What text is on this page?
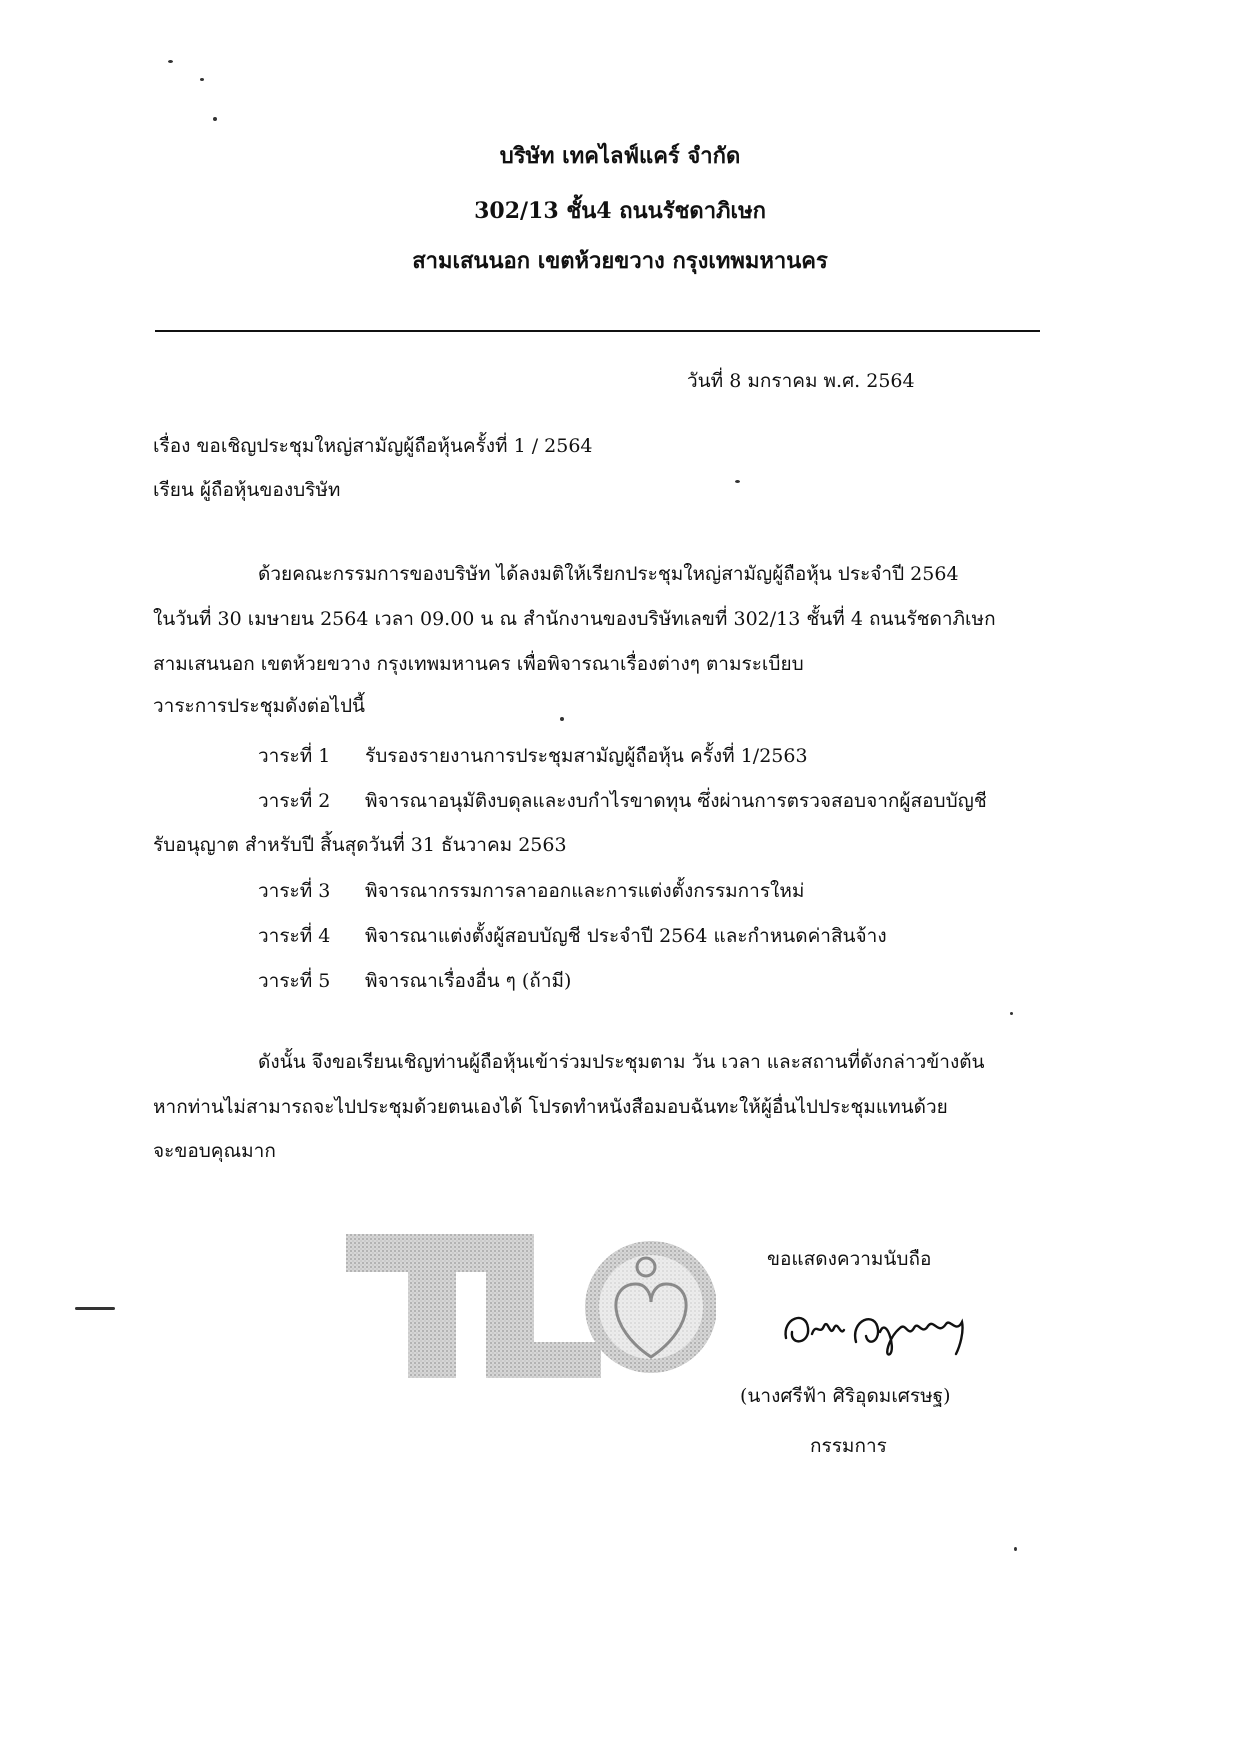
บริษัท เทคไลฟ์แคร์ จำกัด
302/13 ชั้น4 ถนนรัชดาภิเษก
สามเสนนอก เขตห้วยขวาง กรุงเทพมหานคร
วันที่ 8 มกราคม พ.ศ. 2564
เรื่อง ขอเชิญประชุมใหญ่สามัญผู้ถือหุ้นครั้งที่ 1 / 2564
เรียน ผู้ถือหุ้นของบริษัท
ด้วยคณะกรรมการของบริษัท ได้ลงมติให้เรียกประชุมใหญ่สามัญผู้ถือหุ้น ประจำปี 2564
ในวันที่ 30 เมษายน 2564 เวลา 09.00 น ณ สำนักงานของบริษัทเลขที่ 302/13 ชั้นที่ 4 ถนนรัชดาภิเษก
สามเสนนอก เขตห้วยขวาง กรุงเทพมหานคร เพื่อพิจารณาเรื่องต่างๆ ตามระเบียบ
วาระการประชุมดังต่อไปนี้
วาระที่ 1 รับรองรายงานการประชุมสามัญผู้ถือหุ้น ครั้งที่ 1/2563
วาระที่ 2 พิจารณาอนุมัติงบดุลและงบกำไรขาดทุน ซึ่งผ่านการตรวจสอบจากผู้สอบบัญชี
รับอนุญาต สำหรับปี สิ้นสุดวันที่ 31 ธันวาคม 2563
วาระที่ 3 พิจารณากรรมการลาออกและการแต่งตั้งกรรมการใหม่
วาระที่ 4 พิจารณาแต่งตั้งผู้สอบบัญชี ประจำปี 2564 และกำหนดค่าสินจ้าง
วาระที่ 5 พิจารณาเรื่องอื่น ๆ (ถ้ามี)
ดังนั้น จึงขอเรียนเชิญท่านผู้ถือหุ้นเข้าร่วมประชุมตาม วัน เวลา และสถานที่ดังกล่าวข้างต้น
หากท่านไม่สามารถจะไปประชุมด้วยตนเองได้ โปรดทำหนังสือมอบฉันทะให้ผู้อื่นไปประชุมแทนด้วย
จะขอบคุณมาก
ขอแสดงความนับถือ
(นางศรีฟ้า ศิริอุดมเศรษฐ)
กรรมการ
